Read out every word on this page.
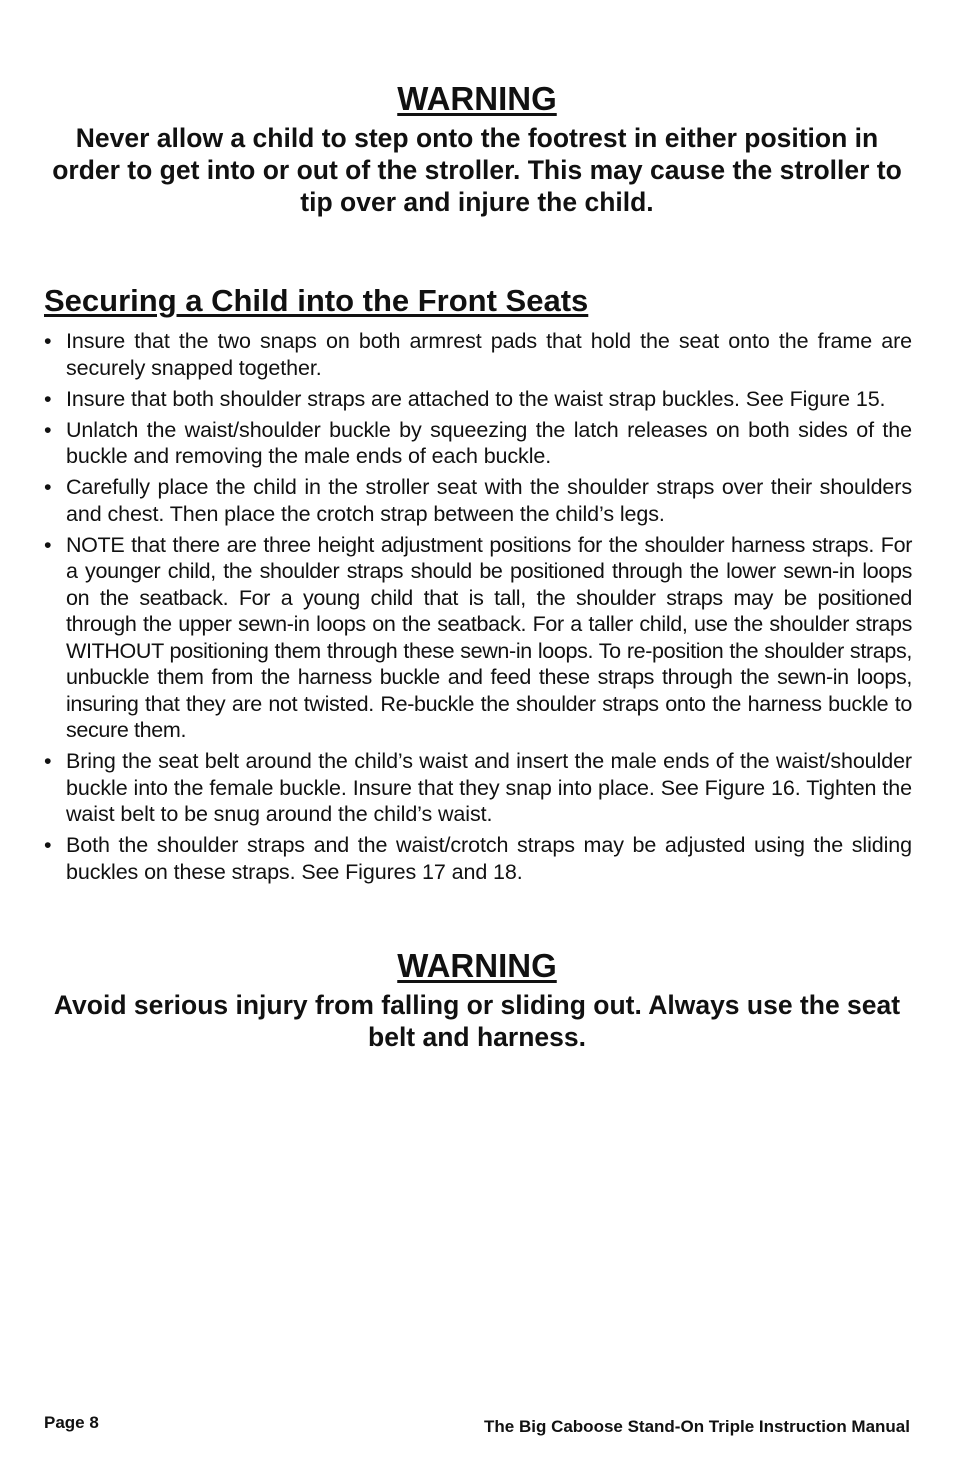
WARNING

Never allow a child to step onto the footrest in either position in order to get into or out of the stroller. This may cause the stroller to tip over and injure the child.

Securing a Child into the Front Seats
• Insure that the two snaps on both armrest pads that hold the seat onto the frame are securely snapped together.
• Insure that both shoulder straps are attached to the waist strap buckles. See Figure 15.
• Unlatch the waist/shoulder buckle by squeezing the latch releases on both sides of the buckle and removing the male ends of each buckle.
• Carefully place the child in the stroller seat with the shoulder straps over their shoulders and chest. Then place the crotch strap between the child’s legs.
• NOTE that there are three height adjustment positions for the shoulder harness straps. For a younger child, the shoulder straps should be positioned through the lower sewn-in loops on the seatback. For a young child that is tall, the shoulder straps may be positioned through the upper sewn-in loops on the seatback. For a taller child, use the shoulder straps WITHOUT positioning them through these sewn-in loops. To re-position the shoulder straps, unbuckle them from the harness buckle and feed these straps through the sewn-in loops, insuring that they are not twisted. Re-buckle the shoulder straps onto the harness buckle to secure them.
• Bring the seat belt around the child’s waist and insert the male ends of the waist/shoulder buckle into the female buckle. Insure that they snap into place. See Figure 16. Tighten the waist belt to be snug around the child’s waist.
• Both the shoulder straps and the waist/crotch straps may be adjusted using the sliding buckles on these straps. See Figures 17 and 18.
WARNING

Avoid serious injury from falling or sliding out. Always use the seat belt and harness.

Page 8	The Big Caboose Stand-On Triple Instruction Manual
